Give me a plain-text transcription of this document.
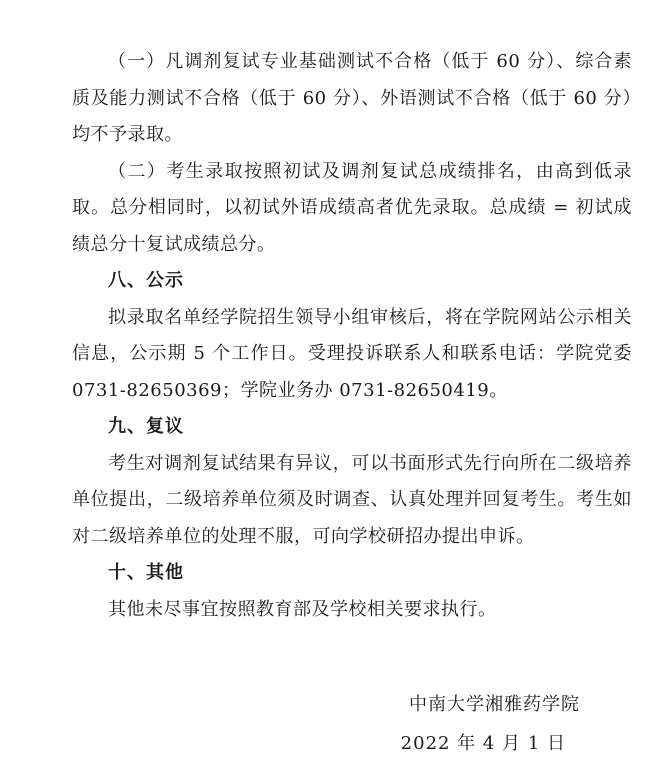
（一）凡调剂复试专业基础测试不合格（低于 60 分）、综合素质及能力测试不合格（低于 60 分）、外语测试不合格（低于 60 分）均不予录取。

（二）考生录取按照初试及调剂复试总成绩排名，由高到低录取。总分相同时，以初试外语成绩高者优先录取。总成绩 = 初试成绩总分十复试成绩总分。

八、公示

拟录取名单经学院招生领导小组审核后，将在学院网站公示相关信息，公示期 5 个工作日。受理投诉联系人和联系电话：学院党委 0731-82650369；学院业务办 0731-82650419。

九、复议

考生对调剂复试结果有异议，可以书面形式先行向所在二级培养单位提出，二级培养单位须及时调查、认真处理并回复考生。考生如对二级培养单位的处理不服，可向学校研招办提出申诉。

十、其他

其他未尽事宜按照教育部及学校相关要求执行。

中南大学湘雅药学院
2022 年 4 月 1 日
